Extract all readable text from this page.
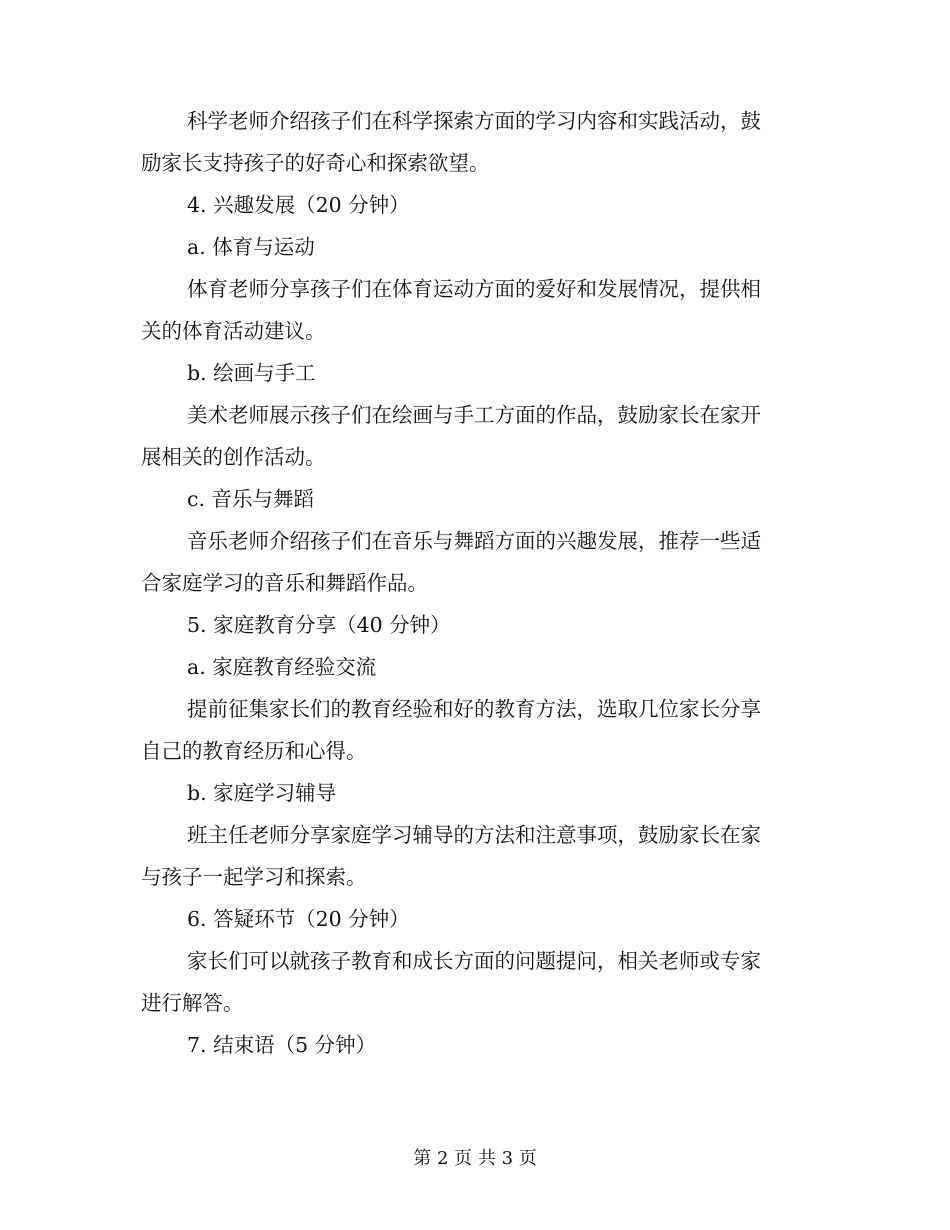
科学老师介绍孩子们在科学探索方面的学习内容和实践活动，鼓
励家长支持孩子的好奇心和探索欲望。
4. 兴趣发展（20 分钟）
a. 体育与运动
体育老师分享孩子们在体育运动方面的爱好和发展情况，提供相
关的体育活动建议。
b. 绘画与手工
美术老师展示孩子们在绘画与手工方面的作品，鼓励家长在家开
展相关的创作活动。
c. 音乐与舞蹈
音乐老师介绍孩子们在音乐与舞蹈方面的兴趣发展，推荐一些适
合家庭学习的音乐和舞蹈作品。
5. 家庭教育分享（40 分钟）
a. 家庭教育经验交流
提前征集家长们的教育经验和好的教育方法，选取几位家长分享
自己的教育经历和心得。
b. 家庭学习辅导
班主任老师分享家庭学习辅导的方法和注意事项，鼓励家长在家
与孩子一起学习和探索。
6. 答疑环节（20 分钟）
家长们可以就孩子教育和成长方面的问题提问，相关老师或专家
进行解答。
7. 结束语（5 分钟）
第 2 页 共 3 页
